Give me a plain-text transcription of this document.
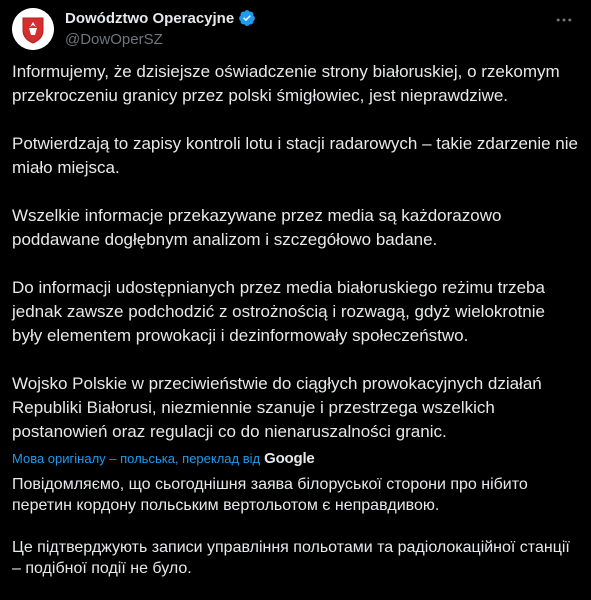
Dowództwo Operacyjne
@DowOperSZ

Informujemy, że dzisiejsze oświadczenie strony białoruskiej, o rzekomym przekroczeniu granicy przez polski śmigłowiec, jest nieprawdziwe.

Potwierdzają to zapisy kontroli lotu i stacji radarowych – takie zdarzenie nie miało miejsca.

Wszelkie informacje przekazywane przez media są każdorazowo poddawane dogłębnym analizom i szczegółowo badane.

Do informacji udostępnianych przez media białoruskiego reżimu trzeba jednak zawsze podchodzić z ostrożnością i rozwagą, gdyż wielokrotnie były elementem prowokacji i dezinformowały społeczeństwo.

Wojsko Polskie w przeciwieństwie do ciągłych prowokacyjnych działań Republiki Białorusi, niezmiennie szanuje i przestrzega wszelkich postanowień oraz regulacji co do nienaruszalności granic.

Мова оригіналу – польська, переклад від Google

Повідомляємо, що сьогоднішня заява білоруської сторони про нібито перетин кордону польським вертольотом є неправдивою.

Це підтверджують записи управління польотами та радіолокаційної станції – подібної події не було.
